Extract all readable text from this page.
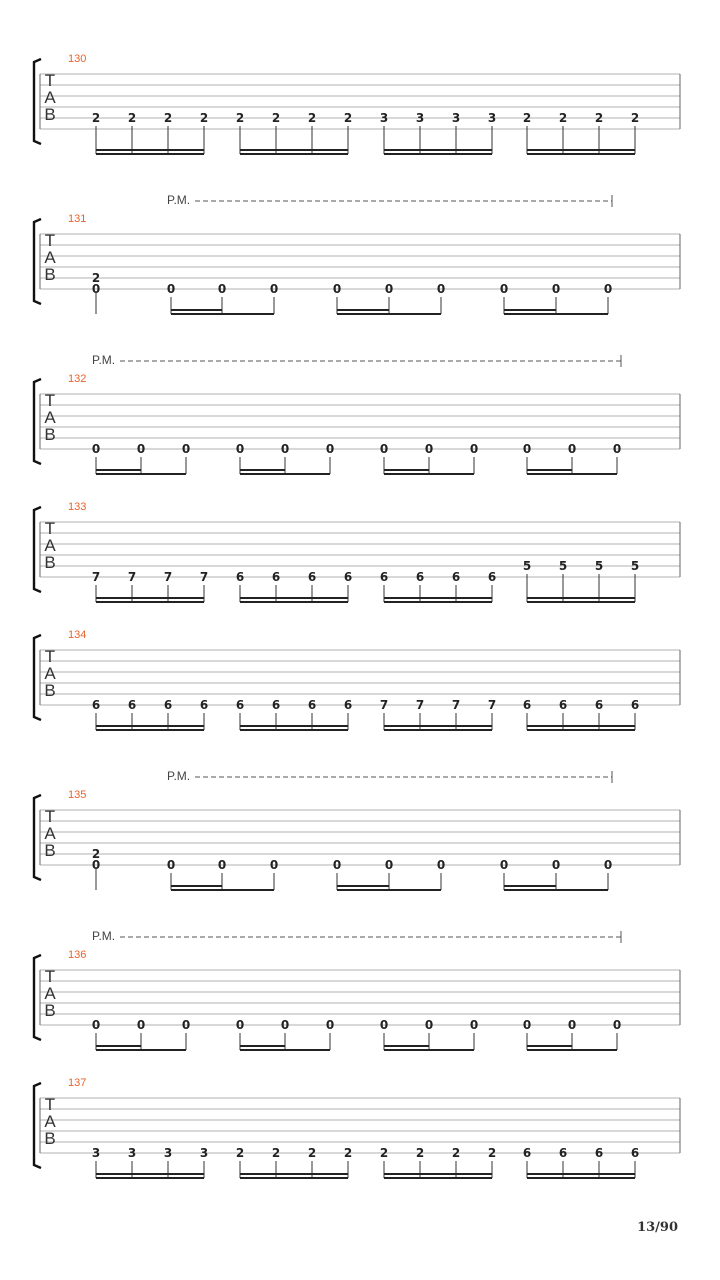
130
T
A
B	2 2 2 2 2 2 2 2 3 3 3 3 2 2 2 2
P.M.
131
T
A
B	2
0	0	0	0	0	0	0	0	0	0
P.M.
132
T
A
B
0	0	0	0	0	0	0	0	0	0	0	0
133
T
A
B
7 7 7 7 6 6 6 6 6 6 6 6
5 5 5 5
134
T
A
B
6 6 6 6 6 6 6 6 7 7 7 7 6 6 6 6
P.M.
135
T
A
B	2
0	0	0	0	0	0	0	0	0	0
P.M.
136
T
A
B
0	0	0	0	0	0	0	0	0	0	0	0
137
T
A
B
3 3 3 3 2 2 2 2 2 2 2 2 6 6 6 6
13/90
